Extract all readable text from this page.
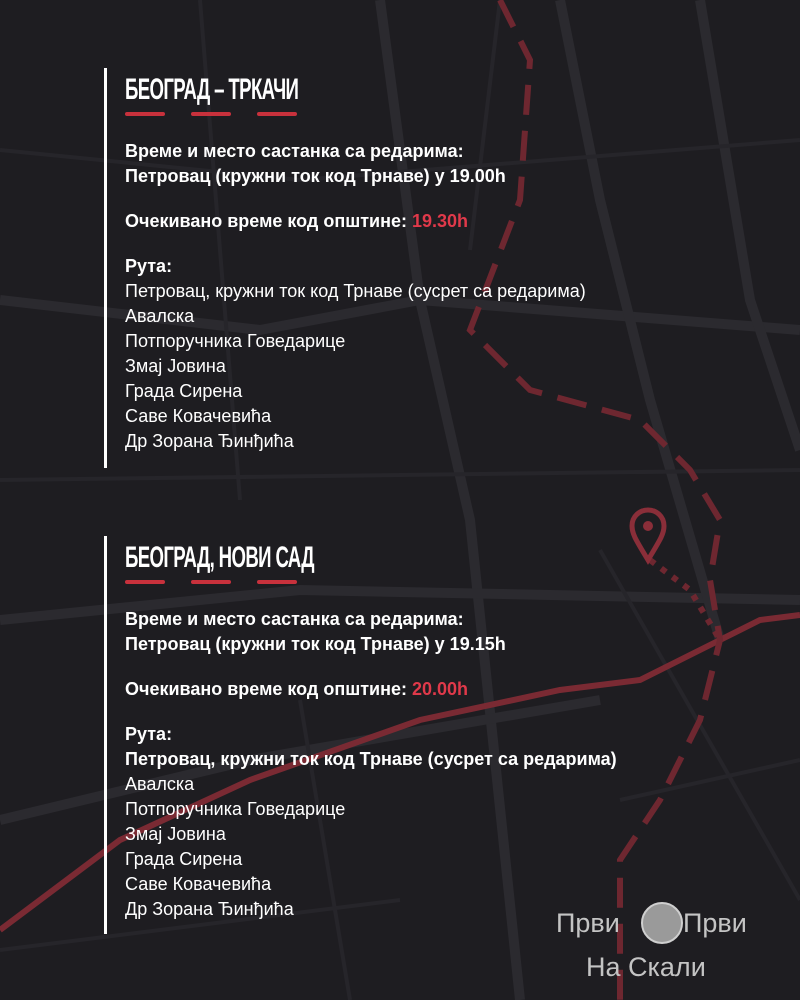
БЕОГРАД – ТРКАЧИ
Време и место састанка са редарима:
Петровац (кружни ток код Трнаве) у 19.00h
Очекивано време код општине: 19.30h
Рута:
Петровац, кружни ток код Трнаве (сусрет са редарима)
Авалска
Потпоручника Говедарице
Змај Јовина
Града Сирена
Саве Ковачевића
Др Зорана Ђинђића
БЕОГРАД, НОВИ САД
Време и место састанка са редарима:
Петровац (кружни ток код Трнаве) у 19.15h
Очекивано време код општине: 20.00h
Рута:
Петровац, кружни ток код Трнаве (сусрет са редарима)
Авалска
Потпоручника Говедарице
Змај Јовина
Града Сирена
Саве Ковачевића
Др Зорана Ђинђића	Први Први
На Скали
